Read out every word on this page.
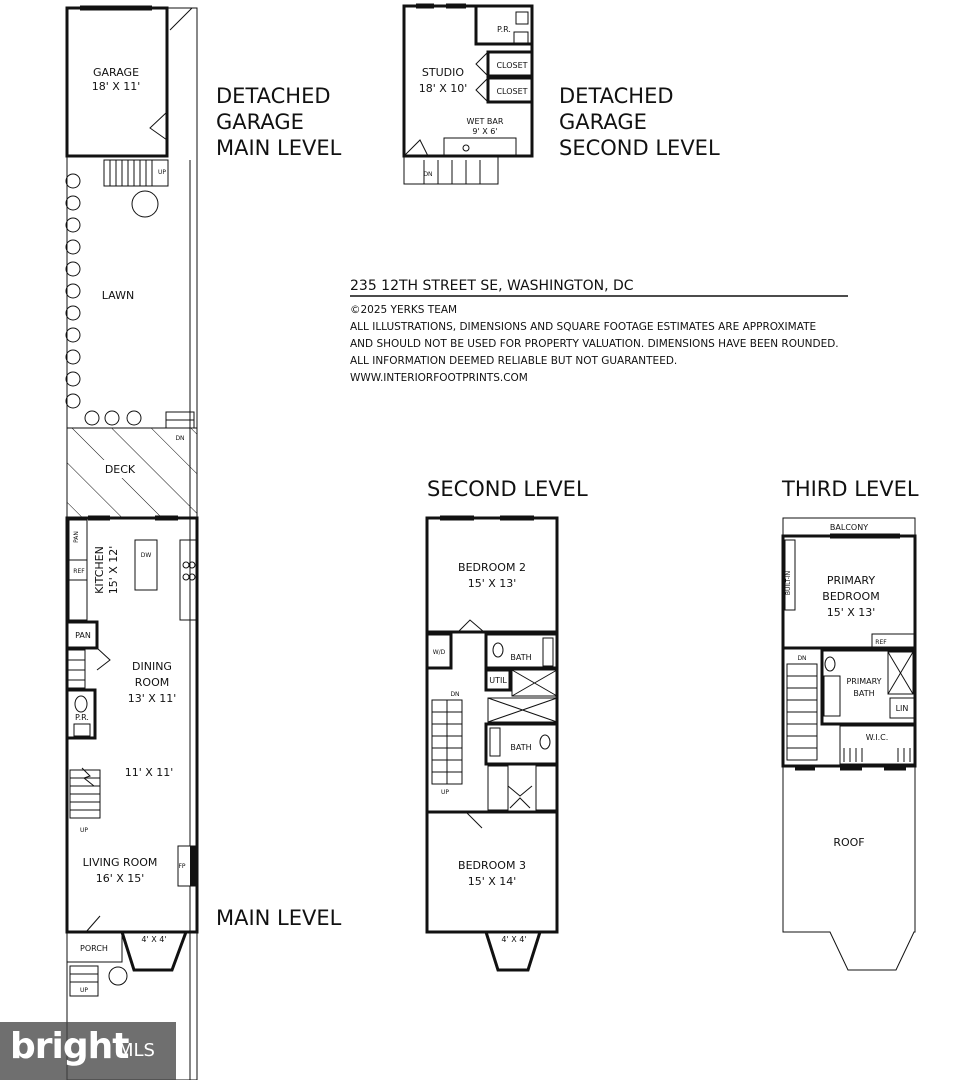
GARAGE
18' X 11'
UP
LAWN
DECK
PAN
REF KITCHEN 15' X 12'	DW
PAN
DINING
ROOM
13' X 11'
P.R.
11' X 11'
UP
LIVING ROOM
16' X 15'
FP
4' X 4'
PORCH
UP
DN
P.R.
CLOSET
CLOSET
STUDIO
18' X 10'
WET BAR
9' X 6'
DETACHED
GARAGE
MAIN LEVEL
DETACHED
GARAGE
SECOND LEVEL
MAIN LEVEL
SECOND LEVEL	THIRD LEVEL
235 12TH STREET SE, WASHINGTON, DC
©2025 YERKS TEAM
ALL ILLUSTRATIONS, DIMENSIONS AND SQUARE FOOTAGE ESTIMATES ARE APPROXIMATE
AND SHOULD NOT BE USED FOR PROPERTY VALUATION. DIMENSIONS HAVE BEEN ROUNDED.
ALL INFORMATION DEEMED RELIABLE BUT NOT GUARANTEED.
WWW.INTERIORFOOTPRINTS.COM
BEDROOM 2
15' X 13'
W/D
BATH
UTIL
DN
UP
BATH
BEDROOM 3
15' X 14'
4' X 4'
BALCONY
BUILT-IN	PRIMARY
BEDROOM
15' X 13'
REF
PRIMARY
BATH
LIN
DN
W.I.C.
ROOF
bright
MLS
